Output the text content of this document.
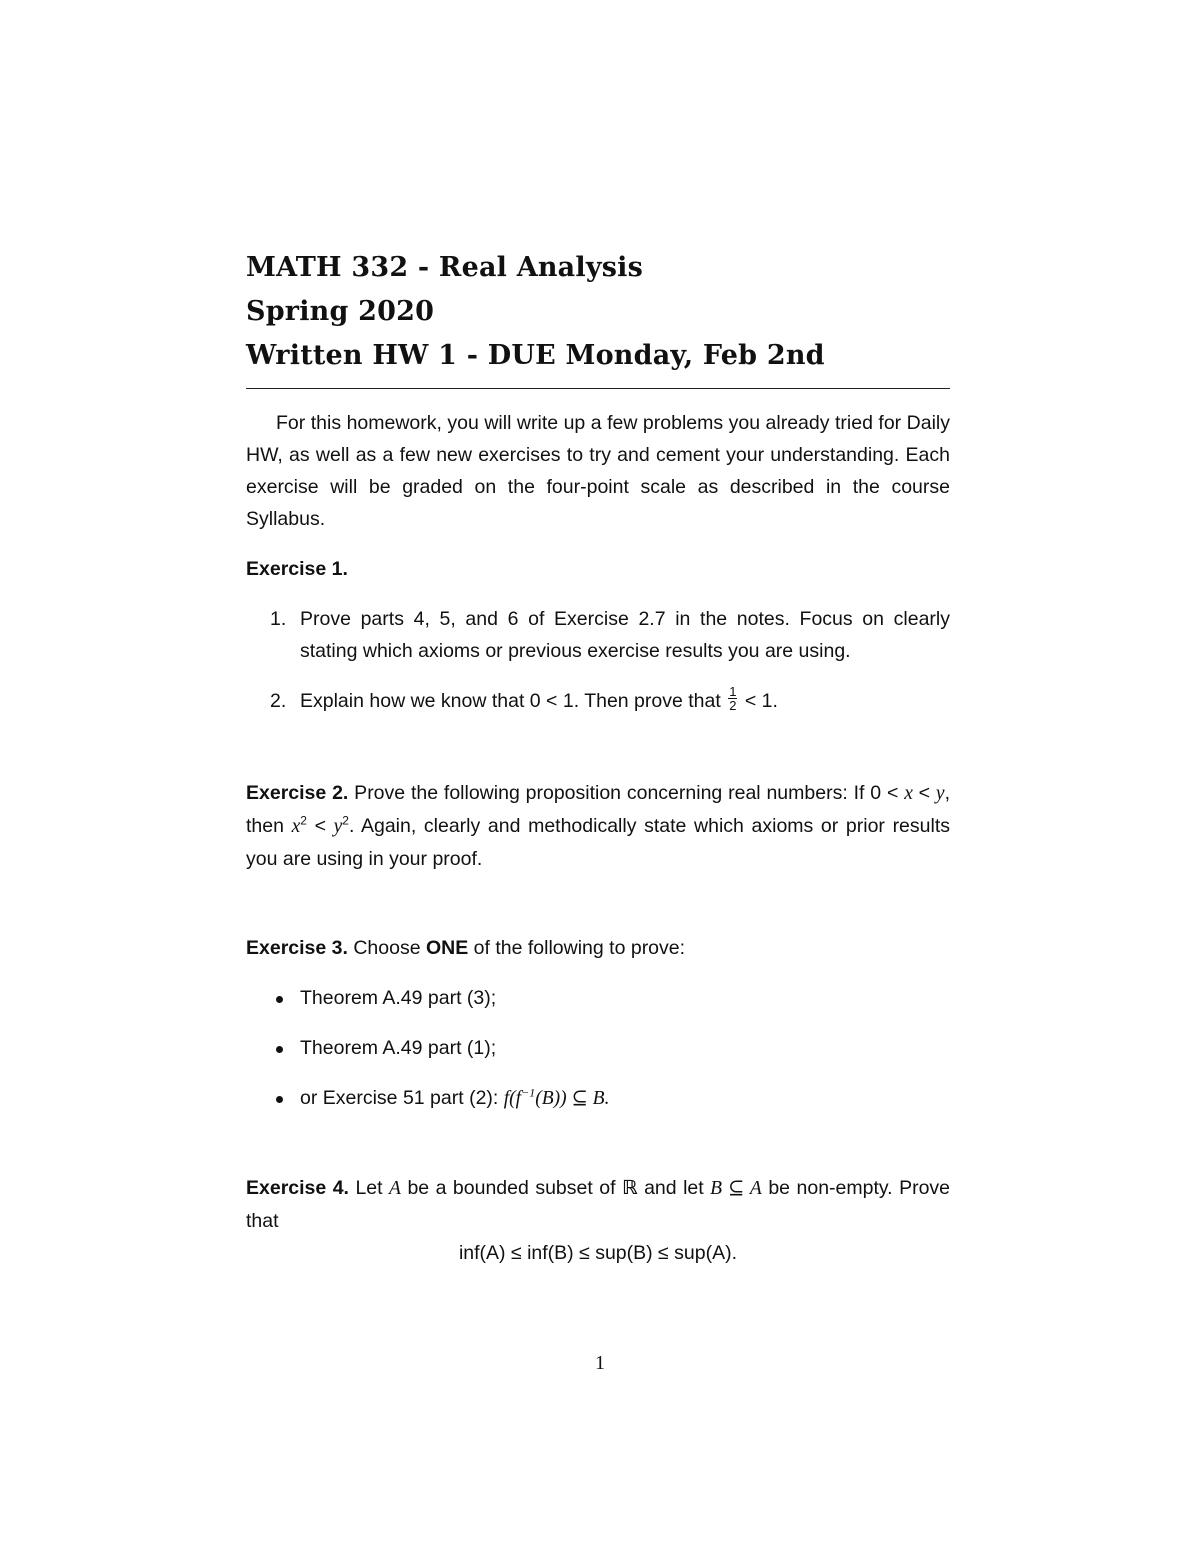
MATH 332 - Real Analysis
Spring 2020
Written HW 1 - DUE Monday, Feb 2nd

For this homework, you will write up a few problems you already tried for Daily HW, as well as a few new exercises to try and cement your understanding. Each exercise will be graded on the four-point scale as described in the course Syllabus.

Exercise 1.

1. Prove parts 4, 5, and 6 of Exercise 2.7 in the notes. Focus on clearly stating which axioms or previous exercise results you are using.
2. Explain how we know that 0 < 1. Then prove that $\frac{1}{2} < 1$.

Exercise 2. Prove the following proposition concerning real numbers: If 0 < x < y, then $x^2 < y^2$. Again, clearly and methodically state which axioms or prior results you are using in your proof.

Exercise 3. Choose ONE of the following to prove:

Theorem A.49 part (3);
Theorem A.49 part (1);
or Exercise 51 part (2): $f(f^{-1}(B))$ ⊆ B.

Exercise 4. Let A be a bounded subset of ℝ and let B ⊆ A be non-empty. Prove that

inf(A) ≤ inf(B) ≤ sup(B) ≤ sup(A).
1
